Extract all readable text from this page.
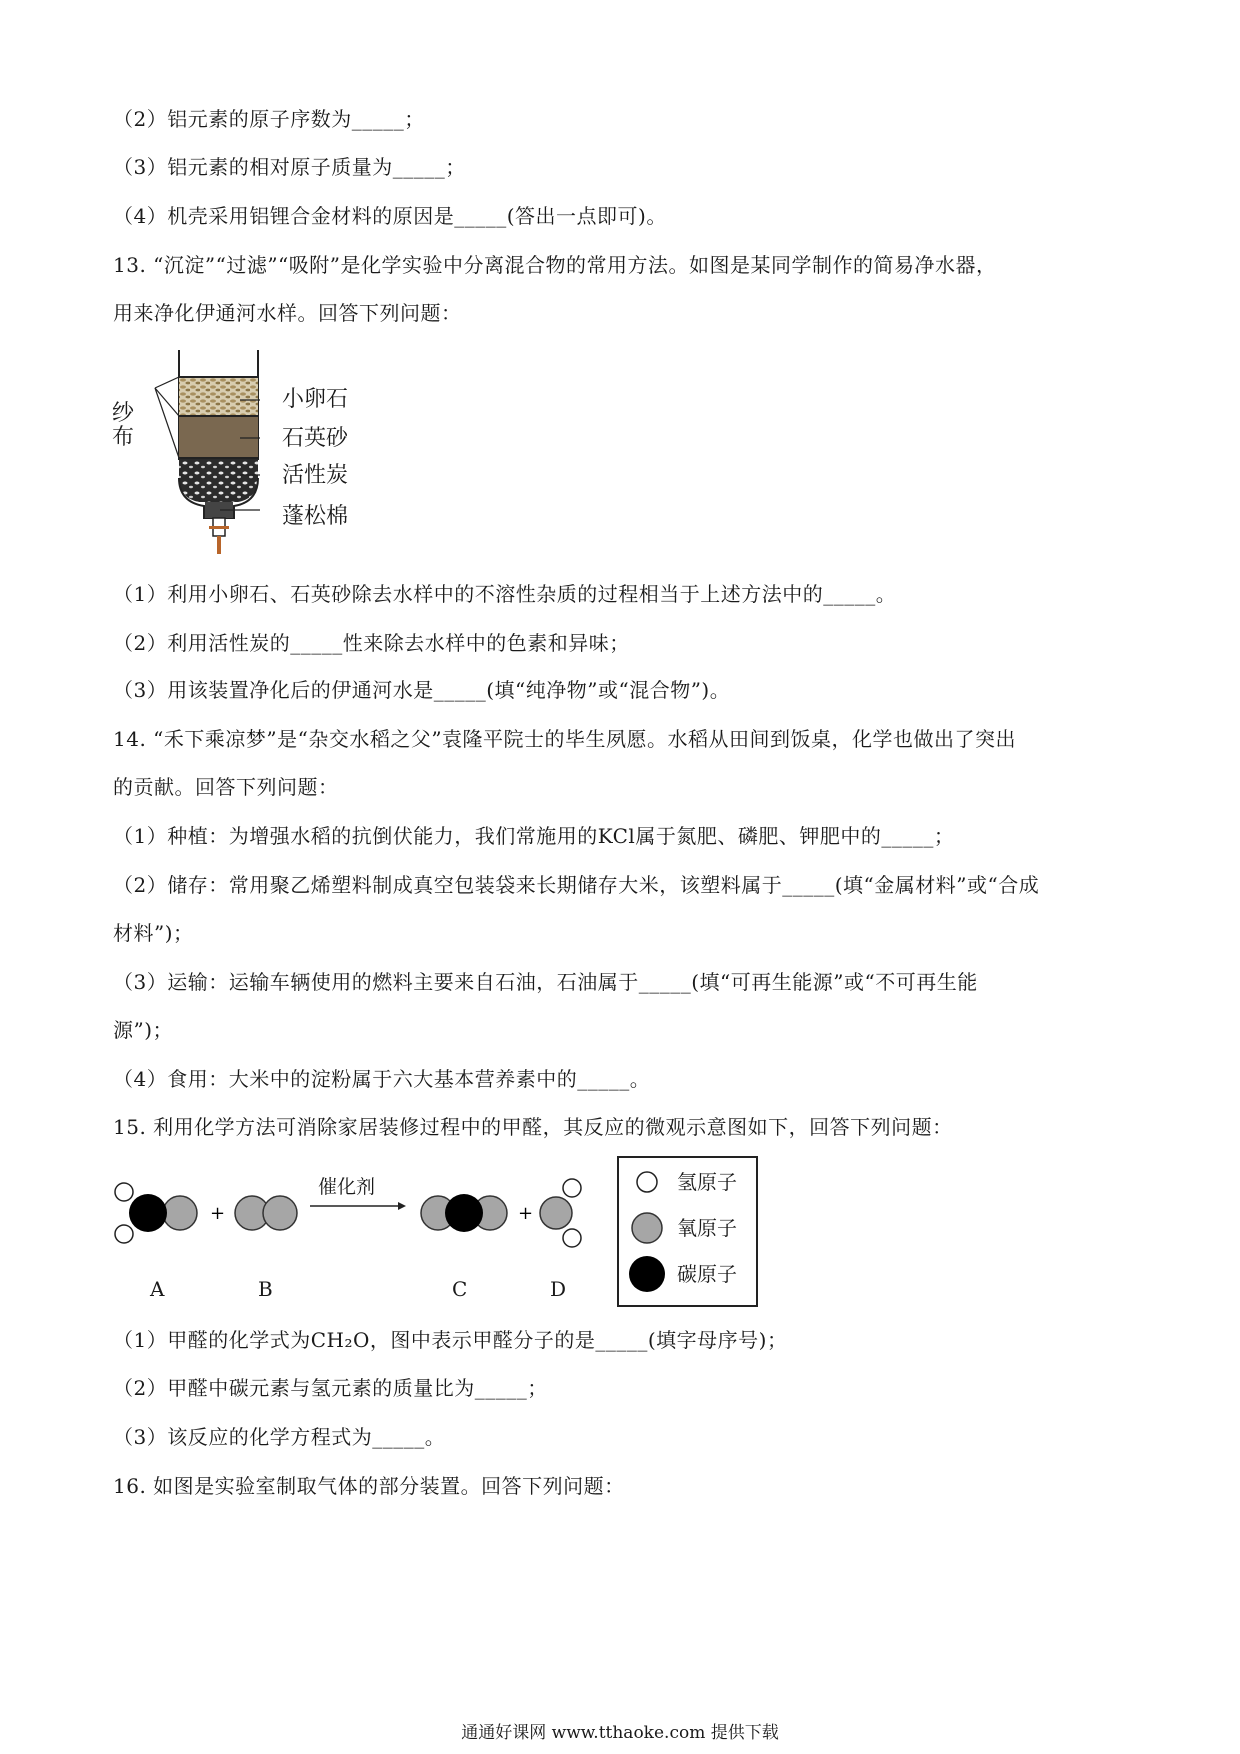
（2）铝元素的原子序数为_____；
（3）铝元素的相对原子质量为_____；
（4）机壳采用铝锂合金材料的原因是_____(答出一点即可)。
13. “沉淀”“过滤”“吸附”是化学实验中分离混合物的常用方法。如图是某同学制作的简易净水器，
用来净化伊通河水样。回答下列问题：
纱
布
小卵石
石英砂
活性炭
蓬松棉
（1）利用小卵石、石英砂除去水样中的不溶性杂质的过程相当于上述方法中的_____。
（2）利用活性炭的_____性来除去水样中的色素和异味；
（3）用该装置净化后的伊通河水是_____(填“纯净物”或“混合物”)。
14. “禾下乘凉梦”是“杂交水稻之父”袁隆平院士的毕生夙愿。水稻从田间到饭桌，化学也做出了突出
的贡献。回答下列问题：
（1）种植：为增强水稻的抗倒伏能力，我们常施用的KCl属于氮肥、磷肥、钾肥中的_____；
（2）储存：常用聚乙烯塑料制成真空包装袋来长期储存大米，该塑料属于_____(填“金属材料”或“合成
材料”)；
（3）运输：运输车辆使用的燃料主要来自石油，石油属于_____(填“可再生能源”或“不可再生能
源”)；
（4）食用：大米中的淀粉属于六大基本营养素中的_____。
15. 利用化学方法可消除家居装修过程中的甲醛，其反应的微观示意图如下，回答下列问题：
+	+
催化剂
A	B	C	D
氢原子
氧原子
碳原子
（1）甲醛的化学式为CH₂O，图中表示甲醛分子的是_____(填字母序号)；
（2）甲醛中碳元素与氢元素的质量比为_____；
（3）该反应的化学方程式为_____。
16. 如图是实验室制取气体的部分装置。回答下列问题：
通通好课网 www.tthaoke.com 提供下载
